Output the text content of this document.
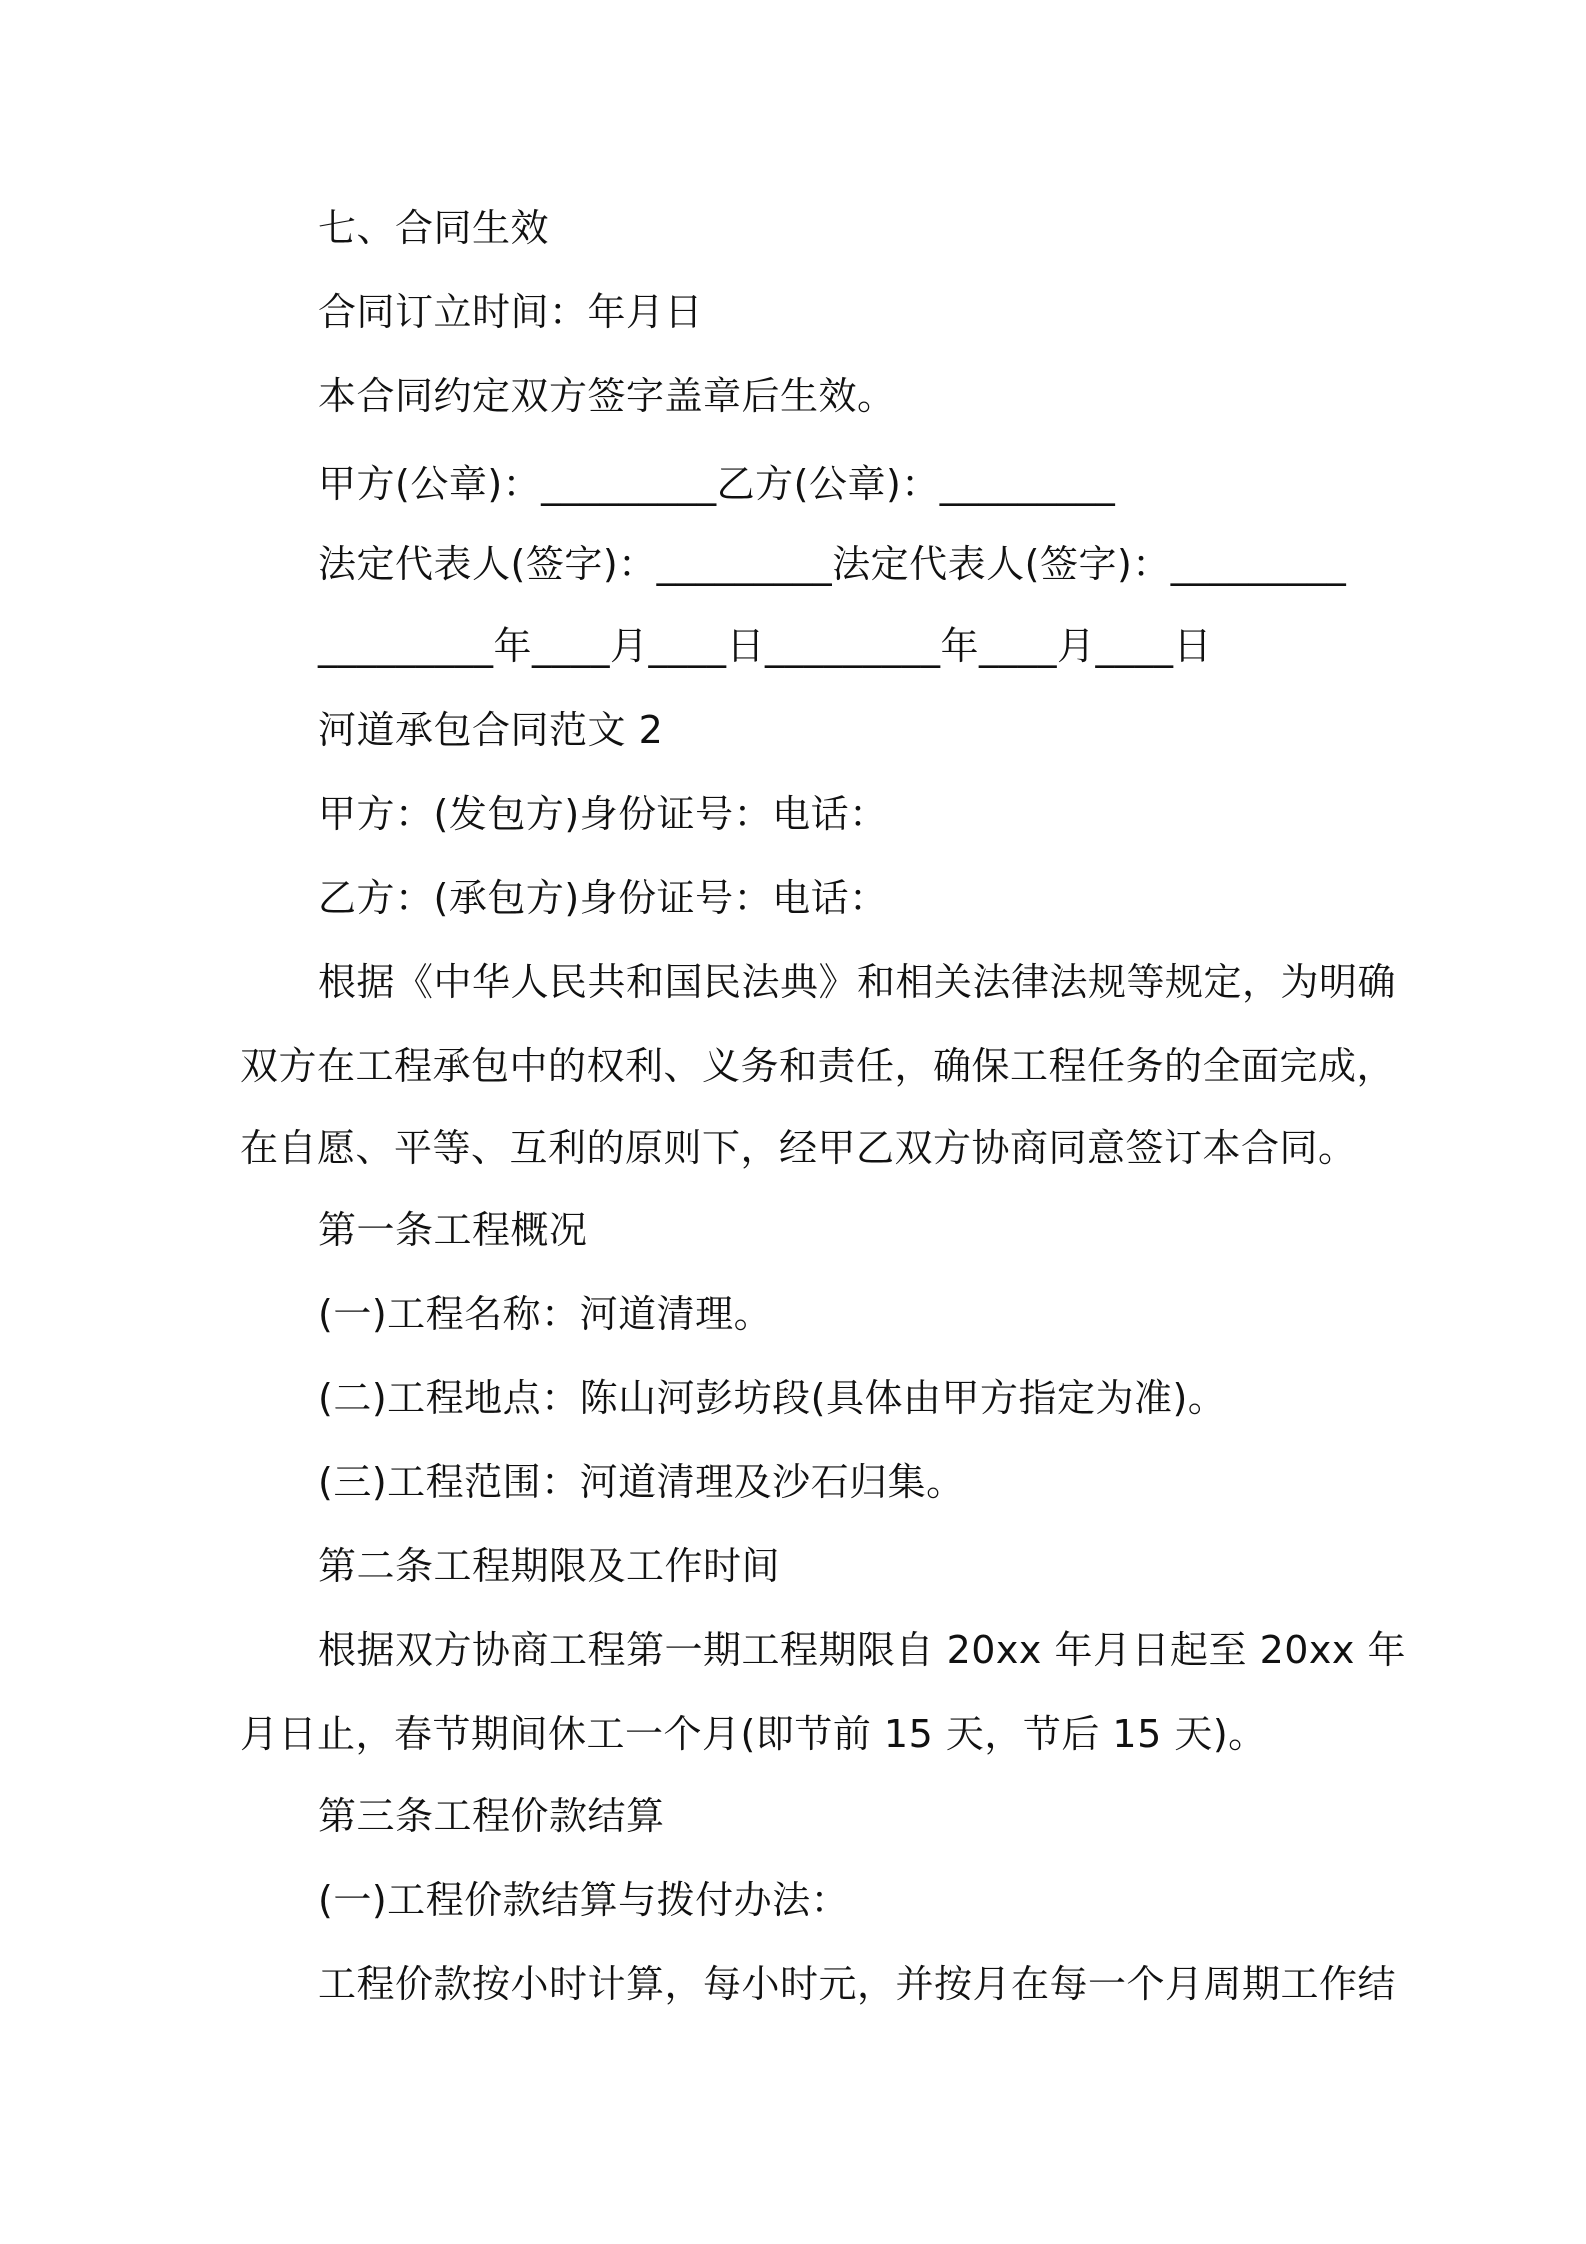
七、合同生效
合同订立时间：年月日
本合同约定双方签字盖章后生效。
甲方(公章)：_________乙方(公章)：_________
法定代表人(签字)：_________法定代表人(签字)：_________
_________年____月____日_________年____月____日
河道承包合同范文 2
甲方：(发包方)身份证号：电话：
乙方：(承包方)身份证号：电话：
根据《中华人民共和国民法典》和相关法律法规等规定，为明确
双方在工程承包中的权利、义务和责任，确保工程任务的全面完成，
在自愿、平等、互利的原则下，经甲乙双方协商同意签订本合同。
第一条工程概况
(一)工程名称：河道清理。
(二)工程地点：陈山河彭坊段(具体由甲方指定为准)。
(三)工程范围：河道清理及沙石归集。
第二条工程期限及工作时间
根据双方协商工程第一期工程期限自 20xx 年月日起至 20xx 年
月日止，春节期间休工一个月(即节前 15 天，节后 15 天)。
第三条工程价款结算
(一)工程价款结算与拨付办法：
工程价款按小时计算，每小时元，并按月在每一个月周期工作结
